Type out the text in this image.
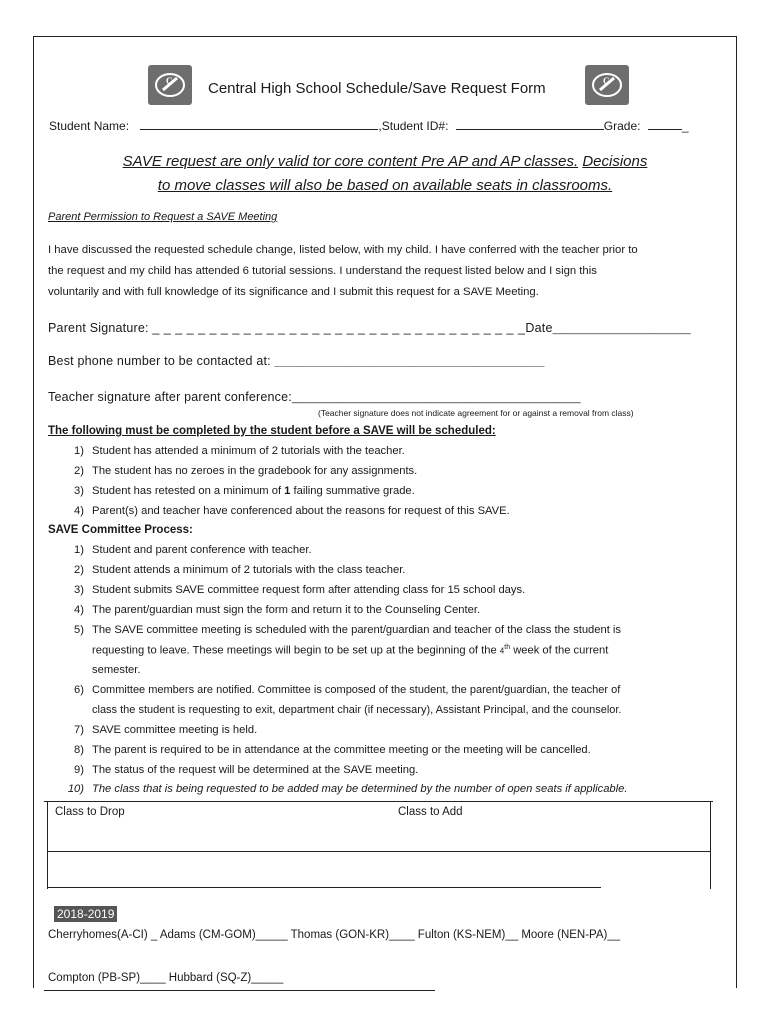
C	C
Central High School Schedule/Save Request Form
Student Name:	,Student ID#:	Grade:	_
SAVE request are only valid tor core content Pre AP and AP classes. Decisions
to move classes will also be based on available seats in classrooms.
Parent Permission to Request a SAVE Meeting
I have discussed the requested schedule change, listed below, with my child. I have conferred with the teacher prior to
the request and my child has attended 6 tutorial sessions. I understand the request listed below and I sign this
voluntarily and with full knowledge of its significance and I submit this request for a SAVE Meeting.
Parent Signature: _ _ _ _ _ _ _ _ _ _ _ _ _ _ _ _ _ _ _ _ _ _ _ _ _ _ _ _ _ _ _ _ _Date________________________
Best phone number to be contacted at: __________________________________________________________________
Teacher signature after parent conference:_______________________________________________
(Teacher signature does not indicate agreement for or against a removal from class)
The following must be completed by the student before a SAVE will be scheduled:
1) Student has attended a minimum of 2 tutorials with the teacher.
2) The student has no zeroes in the gradebook for any assignments.
3) Student has retested on a minimum of 1 failing summative grade.
4) Parent(s) and teacher have conferenced about the reasons for request of this SAVE.
SAVE Committee Process:
1) Student and parent conference with teacher.
2) Student attends a minimum of 2 tutorials with the class teacher.
3) Student submits SAVE committee request form after attending class for 15 school days.
4) The parent/guardian must sign the form and return it to the Counseling Center.
5) The SAVE committee meeting is scheduled with the parent/guardian and teacher of the class the student is
requesting to leave. These meetings will begin to be set up at the beginning of the 4th week of the current
semester.
6) Committee members are notified. Committee is composed of the student, the parent/guardian, the teacher of
class the student is requesting to exit, department chair (if necessary), Assistant Principal, and the counselor.
7) SAVE committee meeting is held.
8) The parent is required to be in attendance at the committee meeting or the meeting will be cancelled.
9) The status of the request will be determined at the SAVE meeting.
10) The class that is being requested to be added may be determined by the number of open seats if applicable.
Class to Drop	Class to Add
2018-2019
Cherryhomes(A-CI) _ Adams (CM-GOM)_____ Thomas (GON-KR)____ Fulton (KS-NEM)__ Moore (NEN-PA)__
Compton (PB-SP)____ Hubbard (SQ-Z)_____
